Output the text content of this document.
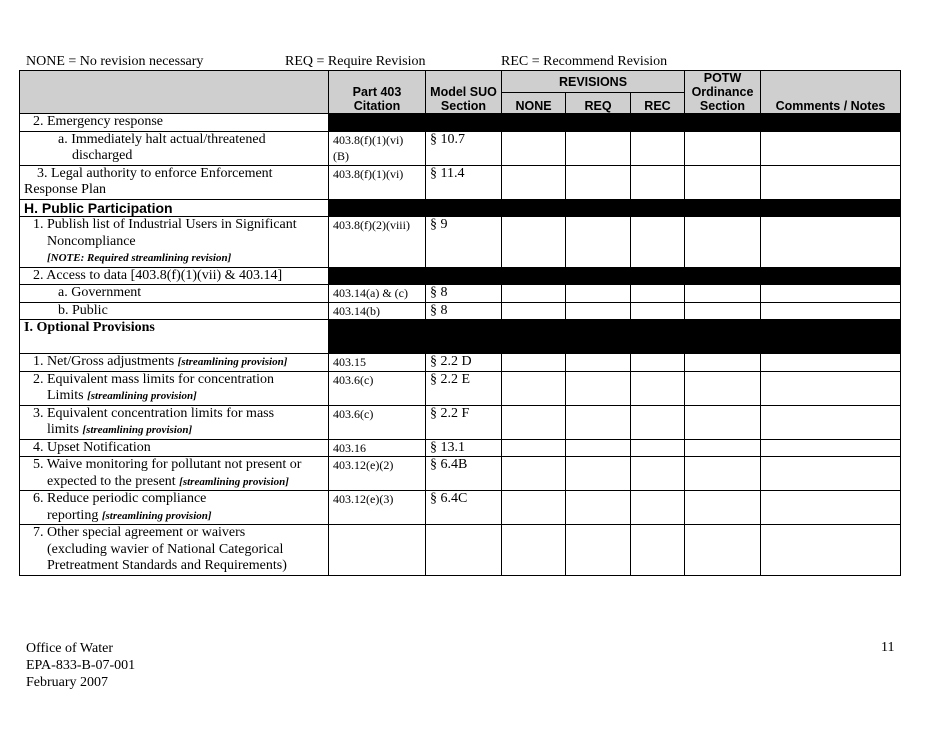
NONE = No revision necessary	REQ = Require Revision	REC = Recommend Revision
	Part 403 Citation	Model SUO Section	REVISIONS			POTW Ordinance Section	Comments / Notes
			NONE	REQ	REC		
2. Emergency response							
a. Immediately halt actual/threatened
discharged	403.8(f)(1)(vi) (B)	§ 10.7					
3. Legal authority to enforce Enforcement
Response Plan	403.8(f)(1)(vi)	§ 11.4					
H. Public Participation							
1. Publish list of Industrial Users in Significant
Noncompliance
[NOTE: Required streamlining revision]	403.8(f)(2)(viii)	§ 9					
2. Access to data [403.8(f)(1)(vii) & 403.14]							
a. Government	403.14(a) & (c)	§ 8					
b. Public	403.14(b)	§ 8					
I. Optional Provisions							
1. Net/Gross adjustments [streamlining provision]	403.15	§ 2.2 D					
2. Equivalent mass limits for concentration
Limits [streamlining provision]	403.6(c)	§ 2.2 E					
3. Equivalent concentration limits for mass
limits [streamlining provision]	403.6(c)	§ 2.2 F					
4. Upset Notification	403.16	§ 13.1					
5. Waive monitoring for pollutant not present or
expected to the present [streamlining provision]	403.12(e)(2)	§ 6.4B					
6. Reduce periodic compliance
reporting [streamlining provision]	403.12(e)(3)	§ 6.4C					
7. Other special agreement or waivers
(excluding wavier of National Categorical
Pretreatment Standards and Requirements)							
Office of Water
EPA-833-B-07-001
February 2007
11
